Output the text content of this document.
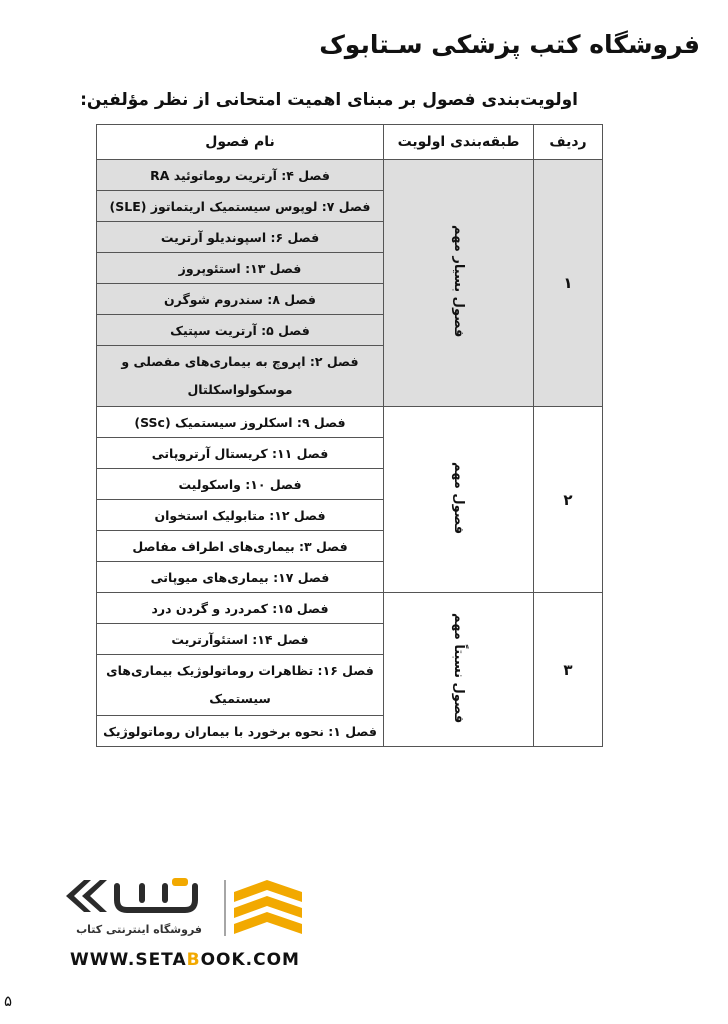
فروشگاه کتب پزشکی سـتابوک
اولویت‌بندی فصول بر مبنای اهمیت امتحانی از نظر مؤلفین:
ردیف	طبقه‌بندی اولویت	نام فصول
۱	فصول بسیار مهم	فصل ۴: آرتریت روماتوئید RA
		فصل ۷: لوپوس سیستمیک اریتماتوز (SLE)
		فصل ۶: اسپوندیلو آرتریت
		فصل ۱۳: استئوپروز
		فصل ۸: سندروم شوگرن
		فصل ۵: آرتریت سپتیک
		فصل ۲: اپروچ به بیماری‌های مفصلی و موسکولواسکلتال
۲	فصول مهم	فصل ۹: اسکلروز سیستمیک (SSc)
		فصل ۱۱: کریستال آرتروپاتی
		فصل ۱۰: واسکولیت
		فصل ۱۲: متابولیک استخوان
		فصل ۳: بیماری‌های اطراف مفاصل
		فصل ۱۷: بیماری‌های میوپاتی
۳	فصول نسبتاً مهم	فصل ۱۵: کمردرد و گردن درد
		فصل ۱۴: استئوآرتریت
		فصل ۱۶: تظاهرات روماتولوژیک بیماری‌های سیستمیک
		فصل ۱: نحوه برخورد با بیماران روماتولوژیک
فروشگاه اینترنتی کتاب
WWW.SETABOOK.COM
۵
